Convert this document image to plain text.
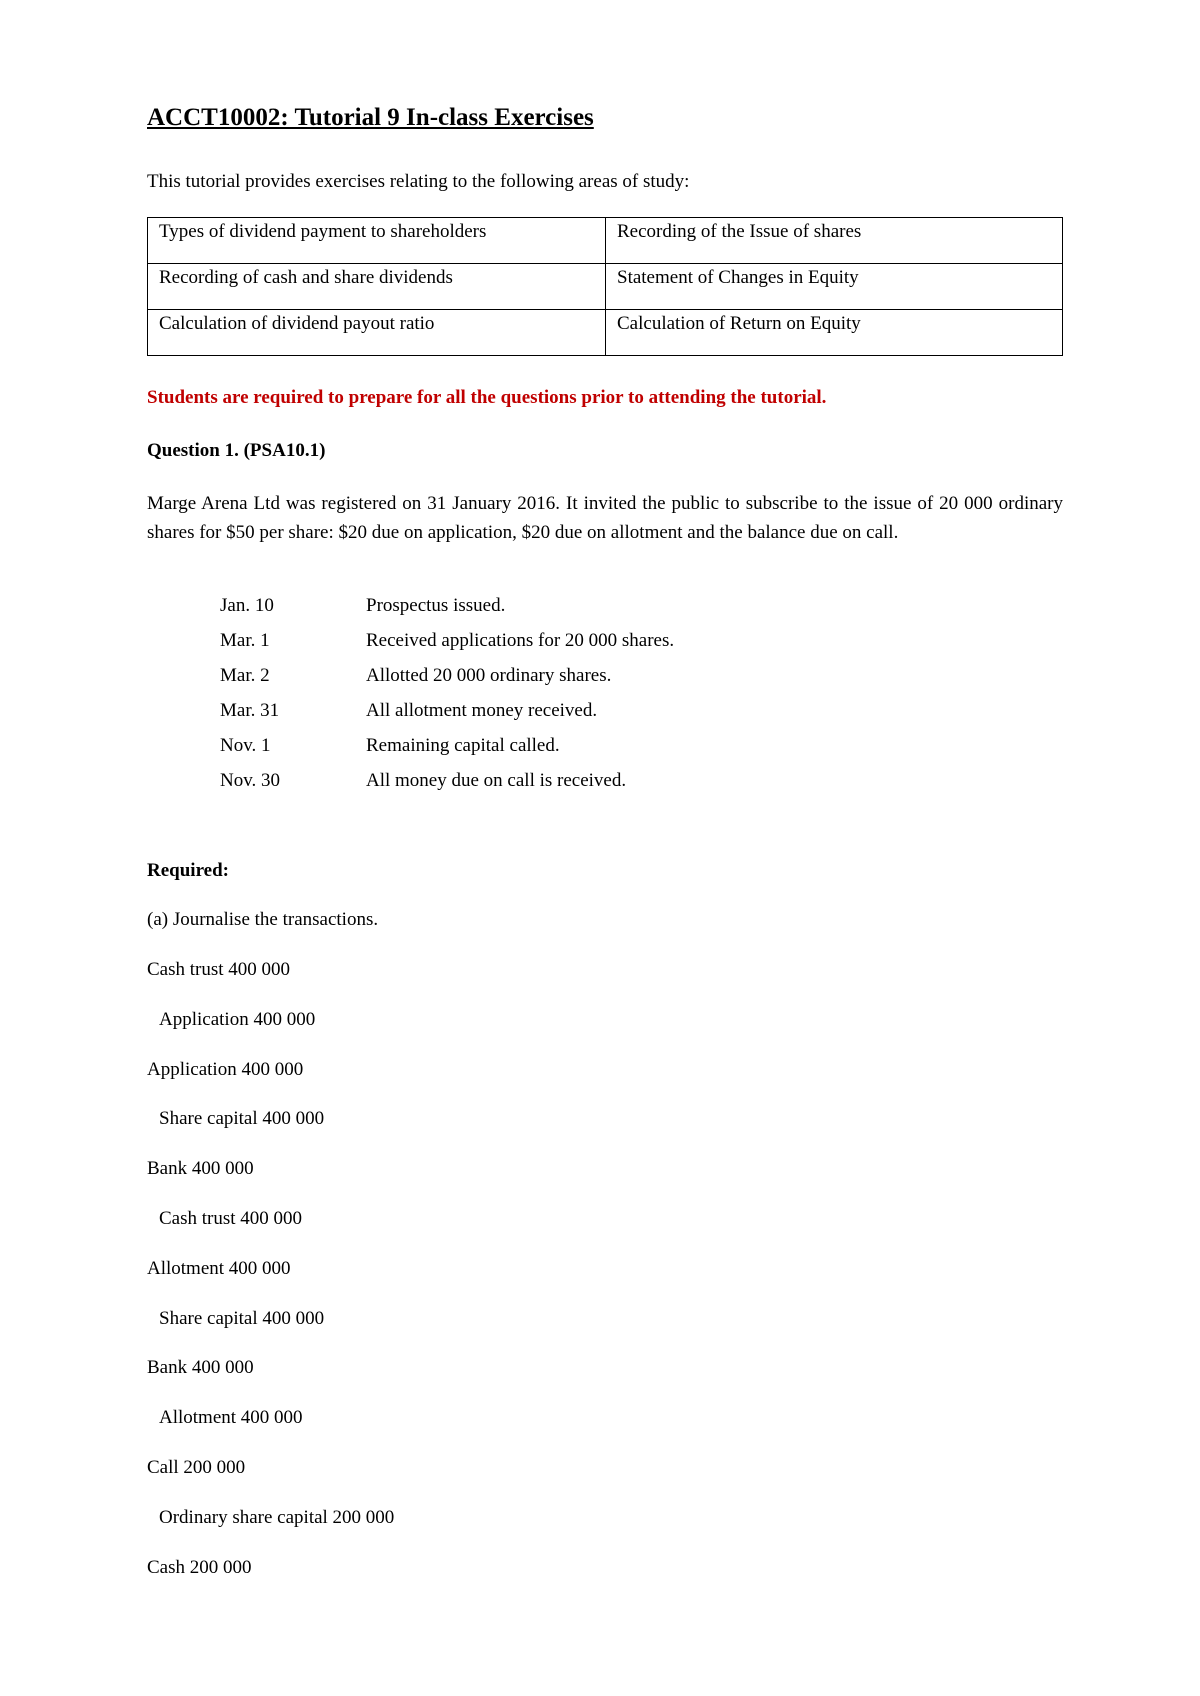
ACCT10002: Tutorial 9 In-class Exercises

This tutorial provides exercises relating to the following areas of study:

Types of dividend payment to shareholders	Recording of the Issue of shares
Recording of cash and share dividends	Statement of Changes in Equity
Calculation of dividend payout ratio	Calculation of Return on Equity

Students are required to prepare for all the questions prior to attending the tutorial.

Question 1. (PSA10.1)

Marge Arena Ltd was registered on 31 January 2016. It invited the public to subscribe to the issue of 20 000 ordinary shares for $50 per share: $20 due on application, $20 due on allotment and the balance due on call.

Jan. 10	Prospectus issued.
Mar. 1	Received applications for 20 000 shares.
Mar. 2	Allotted 20 000 ordinary shares.
Mar. 31	All allotment money received.
Nov. 1	Remaining capital called.
Nov. 30	All money due on call is received.

Required:

(a) Journalise the transactions.

Cash trust 400 000
Application 400 000
Application 400 000
Share capital 400 000
Bank 400 000
Cash trust 400 000
Allotment 400 000
Share capital 400 000
Bank 400 000
Allotment 400 000
Call 200 000
Ordinary share capital 200 000
Cash 200 000
